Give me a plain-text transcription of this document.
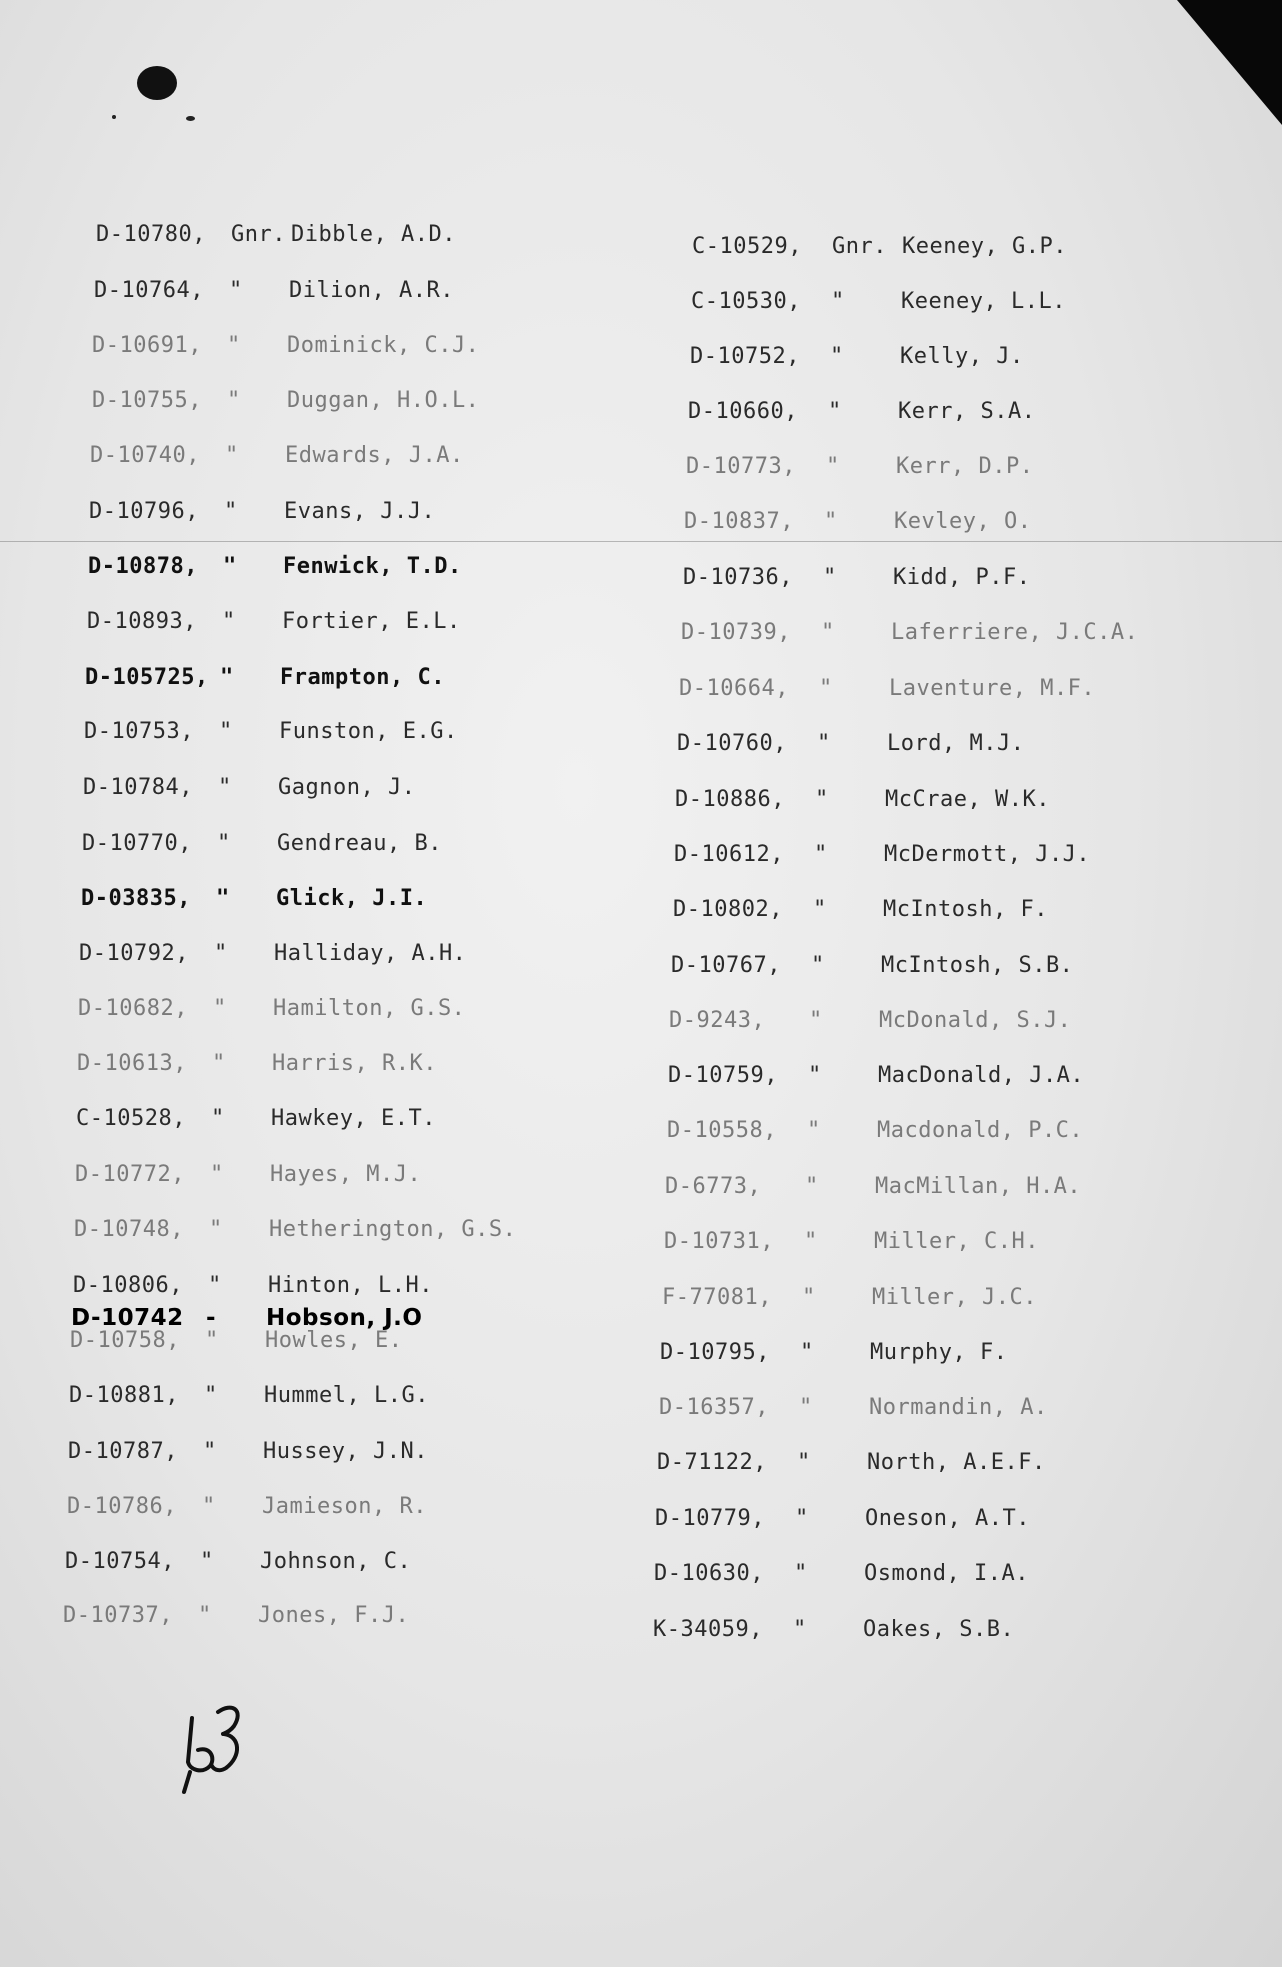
D-10780, Gnr. Dibble, A.D.
D-10764, " Dilion, A.R.
D-10691, " Dominick, C.J.
D-10755, " Duggan, H.O.L.
D-10740, " Edwards, J.A.
D-10796, " Evans, J.J.
D-10878, " Fenwick, T.D.
D-10893, " Fortier, E.L.
D-105725, " Frampton, C.
D-10753, " Funston, E.G.
D-10784, " Gagnon, J.
D-10770, " Gendreau, B.
D-03835, " Glick, J.I.
D-10792, " Halliday, A.H.
D-10682, " Hamilton, G.S.
D-10613, " Harris, R.K.
C-10528, " Hawkey, E.T.
D-10772, " Hayes, M.J.
D-10748, " Hetherington, G.S.
D-10806, " Hinton, L.H.
D-10742 - Hobson, J.O
D-10758, " Howles, E.
D-10881, " Hummel, L.G.
D-10787, " Hussey, J.N.
D-10786, " Jamieson, R.
D-10754, " Johnson, C.
D-10737, " Jones, F.J.
C-10529, Gnr. Keeney, G.P.
C-10530, "	Keeney, L.L.
D-10752, "	Kelly, J.
D-10660, "	Kerr, S.A.
D-10773, "	Kerr, D.P.
D-10837, "	Kevley, O.
D-10736, "	Kidd, P.F.
D-10739, "	Laferriere, J.C.A.
D-10664, "	Laventure, M.F.
D-10760, "	Lord, M.J.
D-10886, "	McCrae, W.K.
D-10612, "	McDermott, J.J.
D-10802, "	McIntosh, F.
D-10767, "	McIntosh, S.B.
D-9243, "	McDonald, S.J.
D-10759, "	MacDonald, J.A.
D-10558, "	Macdonald, P.C.
D-6773, "	MacMillan, H.A.
D-10731, "	Miller, C.H.
F-77081, "	Miller, J.C.
D-10795, "	Murphy, F.
D-16357, "	Normandin, A.
D-71122, "	North, A.E.F.
D-10779, "	Oneson, A.T.
D-10630, "	Osmond, I.A.
K-34059, "	Oakes, S.B.
